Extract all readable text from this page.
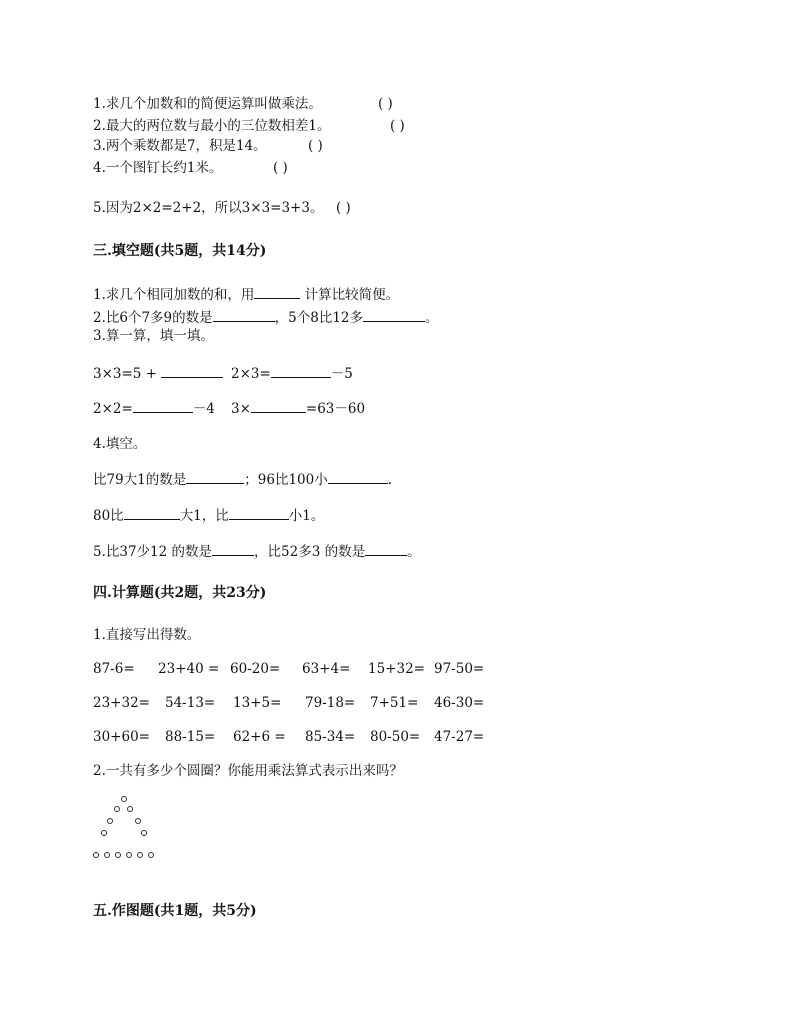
1.求几个加数和的简便运算叫做乘法。	( )
2.最大的两位数与最小的三位数相差1。	( )
3.两个乘数都是7，积是14。	( )
4.一个图钉长约1米。	( )
5.因为2×2=2+2，所以3×3=3+3。 ( )
三.填空题(共5题，共14分)
1.求几个相同加数的和，用	计算比较简便。
2.比6个7多9的数是	，5个8比12多	。
3.算一算，填一填。
3×3=5 +	2×3=	－5
2×2=	－4 3×	=63－60
4.填空。
比79大1的数是	；96比100小	.
80比	大1，比	小1。
5.比37少12 的数是	，比52多3 的数是	。
四.计算题(共2题，共23分)
1.直接写出得数。
87-6= 23+40 = 60-20= 63+4= 15+32= 97-50=
23+32= 54-13= 13+5= 79-18= 7+51= 46-30=
30+60= 88-15= 62+6 = 85-34= 80-50= 47-27=
2.一共有多少个圆圈？你能用乘法算式表示出来吗？
五.作图题(共1题，共5分)
